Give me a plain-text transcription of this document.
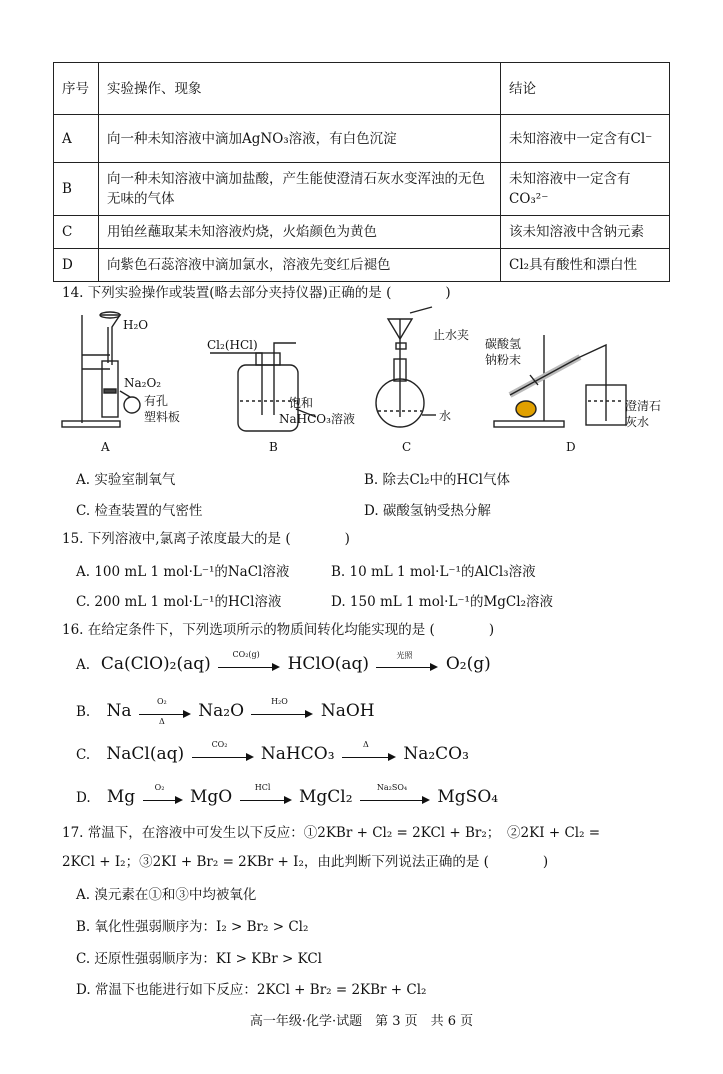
序号	实验操作、现象	结论
A	向一种未知溶液中滴加AgNO₃溶液，有白色沉淀	未知溶液中一定含有Cl⁻
B	向一种未知溶液中滴加盐酸，产生能使澄清石灰水变浑浊的无色无味的气体	未知溶液中一定含有CO₃²⁻
C	用铂丝蘸取某未知溶液灼烧，火焰颜色为黄色	该未知溶液中含钠元素
D	向紫色石蕊溶液中滴加氯水，溶液先变红后褪色	Cl₂具有酸性和漂白性
14. 下列实验操作或装置(略去部分夹持仪器)正确的是 (　　　　)
H₂O
Na₂O₂
有孔
塑料板
A
Cl₂(HCl)
饱和
NaHCO₃溶液
B
止水夹
水
C
碳酸氢
钠粉末
澄清石
灰水
D
A. 实验室制氧气	B. 除去Cl₂中的HCl气体
C. 检查装置的气密性	D. 碳酸氢钠受热分解
15. 下列溶液中,氯离子浓度最大的是 (　　　　)
A. 100 mL 1 mol·L⁻¹的NaCl溶液	B. 10 mL 1 mol·L⁻¹的AlCl₃溶液
C. 200 mL 1 mol·L⁻¹的HCl溶液	D. 150 mL 1 mol·L⁻¹的MgCl₂溶液
16. 在给定条件下，下列选项所示的物质间转化均能实现的是 (　　　　)
A. Ca(ClO)₂(aq)	CO₂(g)	HClO(aq)	光照	O₂(g)
B. Na	O₂
Δ	Na₂O	H₂O	NaOH
C. NaCl(aq)	CO₂	NaHCO₃	Δ	Na₂CO₃
D. Mg	O₂	MgO	HCl	MgCl₂	Na₂SO₄	MgSO₄
17. 常温下，在溶液中可发生以下反应：①2KBr + Cl₂ = 2KCl + Br₂；　②2KI + Cl₂ =
2KCl + I₂；③2KI + Br₂ = 2KBr + I₂，由此判断下列说法正确的是 (　　　　)
A. 溴元素在①和③中均被氧化
B. 氧化性强弱顺序为：I₂ > Br₂ > Cl₂
C. 还原性强弱顺序为：KI > KBr > KCl
D. 常温下也能进行如下反应：2KCl + Br₂ = 2KBr + Cl₂
高一年级·化学·试题　第 3 页　共 6 页
